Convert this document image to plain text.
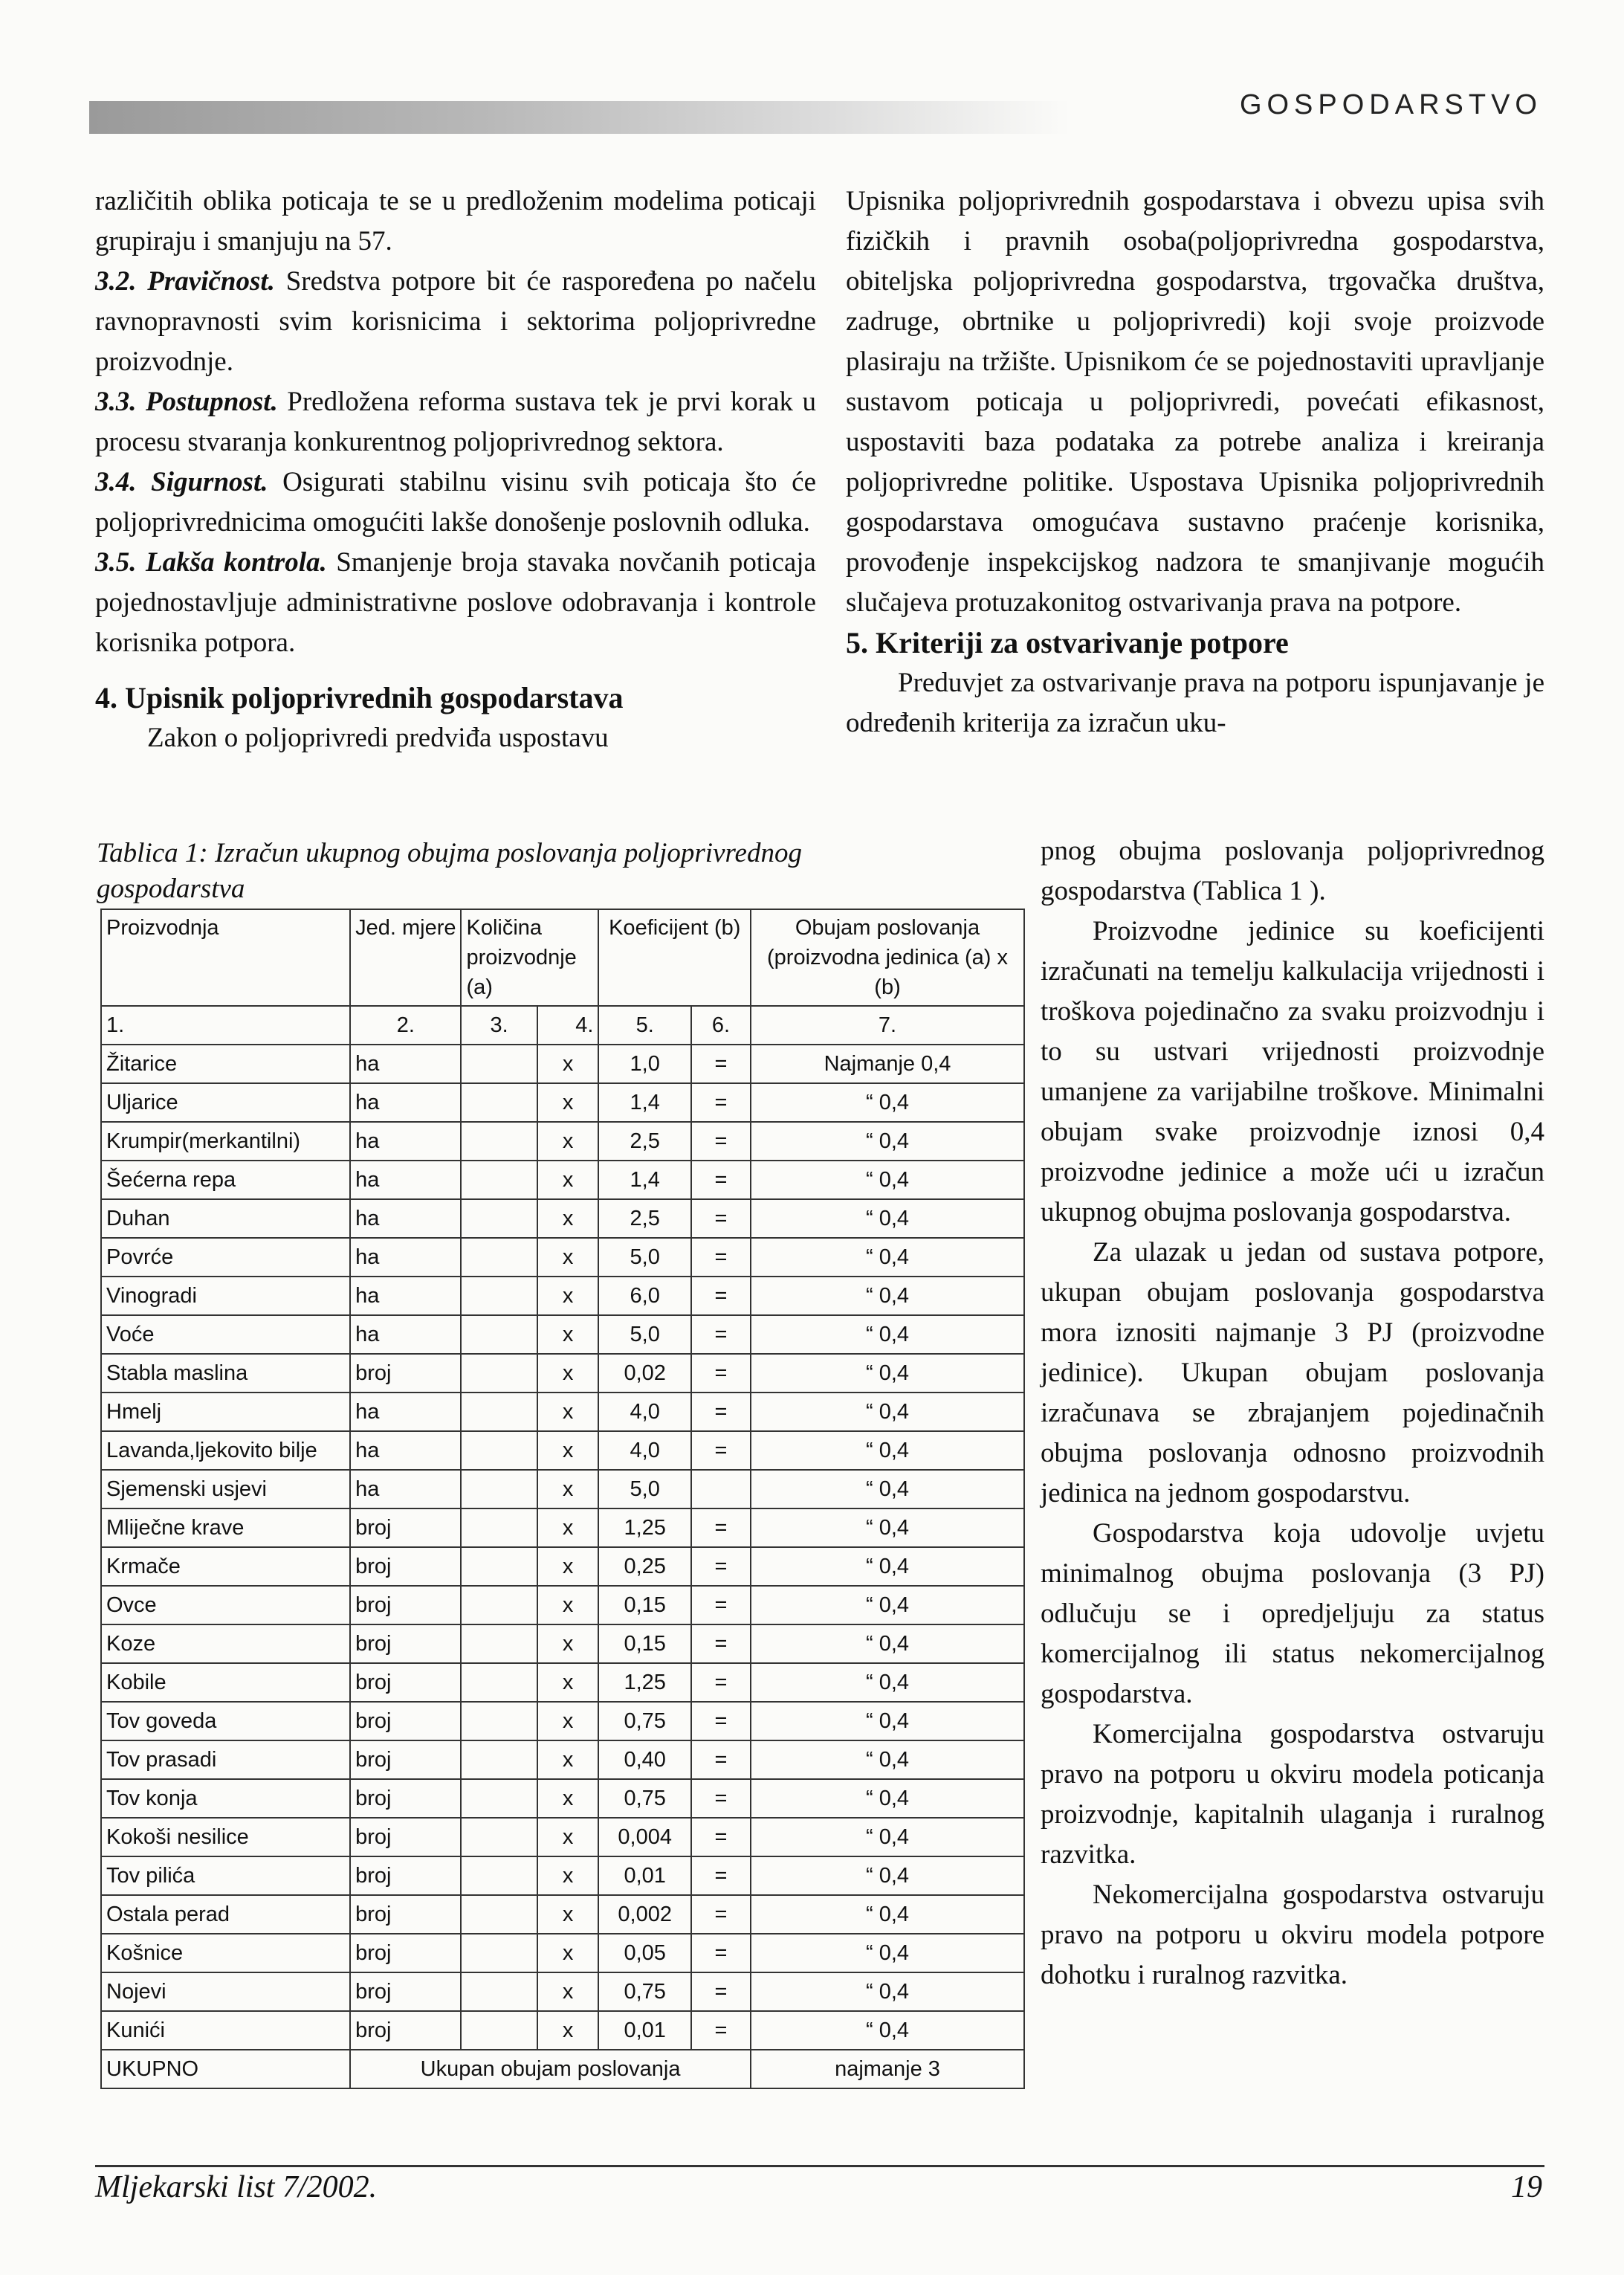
GOSPODARSTVO

različitih oblika poticaja te se u predloženim modelima poticaji grupiraju i smanjuju na 57.

3.2. Pravičnost. Sredstva potpore bit će raspoređena po načelu ravnopravnosti svim korisnicima i sektorima poljoprivredne proizvodnje.

3.3. Postupnost. Predložena reforma sustava tek je prvi korak u procesu stvaranja konkurentnog poljoprivrednog sektora.

3.4. Sigurnost. Osigurati stabilnu visinu svih poticaja što će poljoprivrednicima omogućiti lakše donošenje poslovnih odluka.

3.5. Lakša kontrola. Smanjenje broja stavaka novčanih poticaja pojednostavljuje administrativne poslove odobravanja i kontrole korisnika potpora.

4. Upisnik poljoprivrednih gospodarstava

Zakon o poljoprivredi predviđa uspostavu

Upisnika poljoprivrednih gospodarstava i obvezu upisa svih fizičkih i pravnih osoba(poljoprivredna gospodarstva, obiteljska poljoprivredna gospodarstva, trgovačka društva, zadruge, obrtnike u poljoprivredi) koji svoje proizvode plasiraju na tržište. Upisnikom će se pojednostaviti upravljanje sustavom poticaja u poljoprivredi, povećati efikasnost, uspostaviti baza podataka za potrebe analiza i kreiranja poljoprivredne politike. Uspostava Upisnika poljoprivrednih gospodarstava omogućava sustavno praćenje korisnika, provođenje inspekcijskog nadzora te smanjivanje mogućih slučajeva protuzakonitog ostvarivanja prava na potpore.

5. Kriteriji za ostvarivanje potpore

Preduvjet za ostvarivanje prava na potporu ispunjavanje je određenih kriterija za izračun uku-

pnog obujma poslovanja poljoprivrednog gospodarstva (Tablica 1 ).

Proizvodne jedinice su koeficijenti izračunati na temelju kalkulacija vrijednosti i troškova pojedinačno za svaku proizvodnju i to su ustvari vrijednosti proizvodnje umanjene za varijabilne troškove. Minimalni obujam svake proizvodnje iznosi 0,4 proizvodne jedinice a može ući u izračun ukupnog obujma poslovanja gospodarstva.

Za ulazak u jedan od sustava potpore, ukupan obujam poslovanja gospodarstva mora iznositi najmanje 3 PJ (proizvodne jedinice). Ukupan obujam poslovanja izračunava se zbrajanjem pojedinačnih obujma poslovanja odnosno proizvodnih jedinica na jednom gospodarstvu.

Gospodarstva koja udovolje uvjetu minimalnog obujma poslovanja (3 PJ) odlučuju se i opredjeljuju za status komercijalnog ili status nekomercijalnog gospodarstva.

Komercijalna gospodarstva ostvaruju pravo na potporu u okviru modela poticanja proizvodnje, kapitalnih ulaganja i ruralnog razvitka.

Nekomercijalna gospodarstva ostvaruju pravo na potporu u okviru modela potpore dohotku i ruralnog razvitka.

Tablica 1: Izračun ukupnog obujma poslovanja poljoprivrednog gospodarstva
Proizvodnja	Jed. mjere	Količina proizvodnje (a)		Koeficijent (b)		Obujam poslovanja (proizvodna jedinica (a) x (b)
1.	2.	3.	4.	5.	6.	7.
Žitarice	ha		x	1,0	=	Najmanje 0,4
Uljarice	ha		x	1,4	=	“ 0,4
Krumpir(merkantilni)	ha		x	2,5	=	“ 0,4
Šećerna repa	ha		x	1,4	=	“ 0,4
Duhan	ha		x	2,5	=	“ 0,4
Povrće	ha		x	5,0	=	“ 0,4
Vinogradi	ha		x	6,0	=	“ 0,4
Voće	ha		x	5,0	=	“ 0,4
Stabla maslina	broj		x	0,02	=	“ 0,4
Hmelj	ha		x	4,0	=	“ 0,4
Lavanda,ljekovito bilje	ha		x	4,0	=	“ 0,4
Sjemenski usjevi	ha		x	5,0		“ 0,4
Mliječne krave	broj		x	1,25	=	“ 0,4
Krmače	broj		x	0,25	=	“ 0,4
Ovce	broj		x	0,15	=	“ 0,4
Koze	broj		x	0,15	=	“ 0,4
Kobile	broj		x	1,25	=	“ 0,4
Tov goveda	broj		x	0,75	=	“ 0,4
Tov prasadi	broj		x	0,40	=	“ 0,4
Tov konja	broj		x	0,75	=	“ 0,4
Kokoši nesilice	broj		x	0,004	=	“ 0,4
Tov pilića	broj		x	0,01	=	“ 0,4
Ostala perad	broj		x	0,002	=	“ 0,4
Košnice	broj		x	0,05	=	“ 0,4
Nojevi	broj		x	0,75	=	“ 0,4
Kunići	broj		x	0,01	=	“ 0,4
UKUPNO	Ukupan obujam poslovanja					najmanje 3
Mljekarski list 7/2002.	19
